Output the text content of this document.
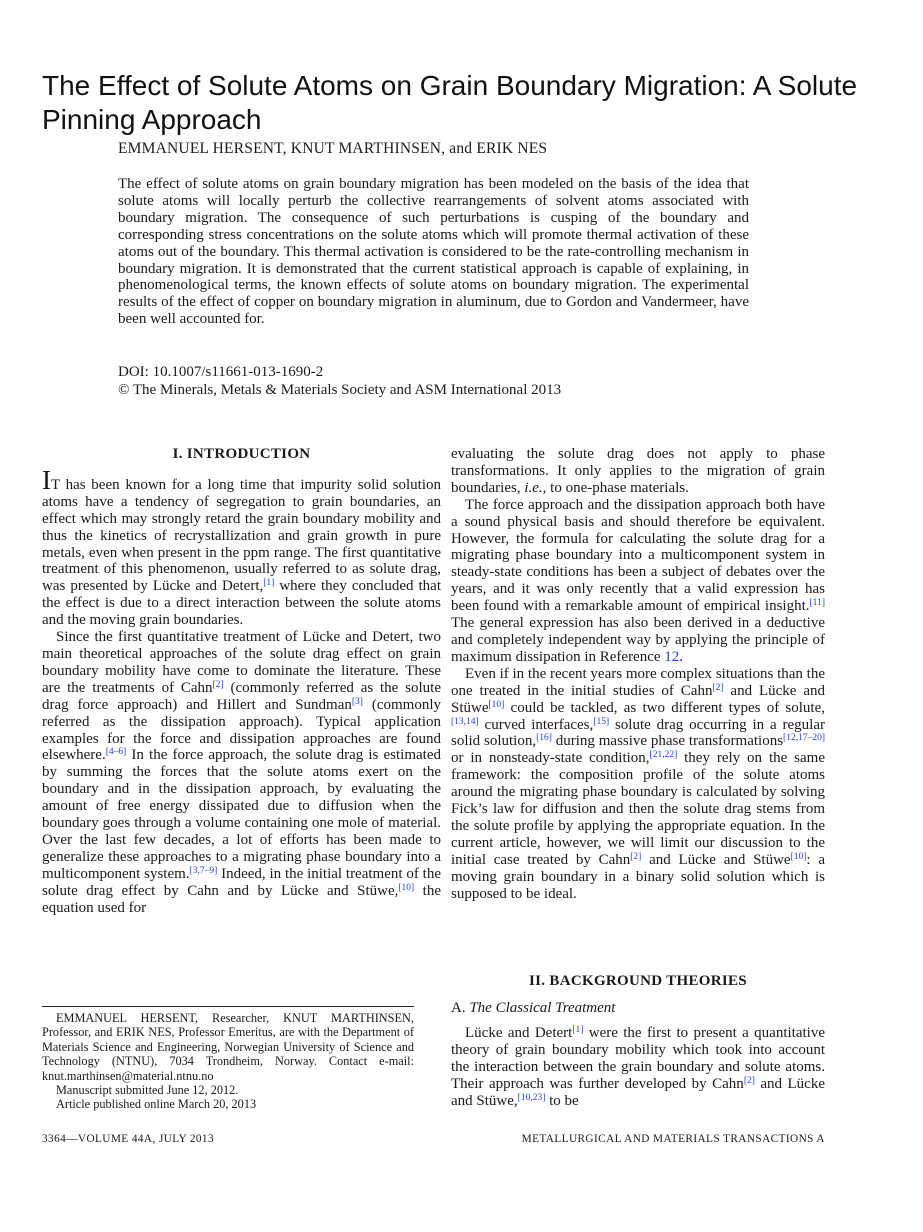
The Effect of Solute Atoms on Grain Boundary Migration: A Solute Pinning Approach
EMMANUEL HERSENT, KNUT MARTHINSEN, and ERIK NES
The effect of solute atoms on grain boundary migration has been modeled on the basis of the idea that solute atoms will locally perturb the collective rearrangements of solvent atoms associated with boundary migration. The consequence of such perturbations is cusping of the boundary and corresponding stress concentrations on the solute atoms which will promote thermal activation of these atoms out of the boundary. This thermal activation is considered to be the rate-controlling mechanism in boundary migration. It is demonstrated that the current statistical approach is capable of explaining, in phenomenological terms, the known effects of solute atoms on boundary migration. The experimental results of the effect of copper on boundary migration in aluminum, due to Gordon and Vandermeer, have been well accounted for.
DOI: 10.1007/s11661-013-1690-2
© The Minerals, Metals & Materials Society and ASM International 2013
I. INTRODUCTION

IT has been known for a long time that impurity solid solution atoms have a tendency of segregation to grain boundaries, an effect which may strongly retard the grain boundary mobility and thus the kinetics of recrystallization and grain growth in pure metals, even when present in the ppm range. The first quantitative treatment of this phenomenon, usually referred to as solute drag, was presented by Lücke and Detert,[1] where they concluded that the effect is due to a direct interaction between the solute atoms and the moving grain boundaries.

Since the first quantitative treatment of Lücke and Detert, two main theoretical approaches of the solute drag effect on grain boundary mobility have come to dominate the literature. These are the treatments of Cahn[2] (commonly referred as the solute drag force approach) and Hillert and Sundman[3] (commonly referred as the dissipation approach). Typical application examples for the force and dissipation approaches are found elsewhere.[4–6] In the force approach, the solute drag is estimated by summing the forces that the solute atoms exert on the boundary and in the dissipation approach, by evaluating the amount of free energy dissipated due to diffusion when the boundary goes through a volume containing one mole of material. Over the last few decades, a lot of efforts has been made to generalize these approaches to a migrating phase boundary into a multicomponent system.[3,7–9] Indeed, in the initial treatment of the solute drag effect by Cahn and by Lücke and Stüwe,[10] the equation used for

EMMANUEL HERSENT, Researcher, KNUT MARTHINSEN, Professor, and ERIK NES, Professor Emeritus, are with the Department of Materials Science and Engineering, Norwegian University of Science and Technology (NTNU), 7034 Trondheim, Norway. Contact e-mail: knut.marthinsen@material.ntnu.no

Manuscript submitted June 12, 2012.

Article published online March 20, 2013

evaluating the solute drag does not apply to phase transformations. It only applies to the migration of grain boundaries, i.e., to one-phase materials.

The force approach and the dissipation approach both have a sound physical basis and should therefore be equivalent. However, the formula for calculating the solute drag for a migrating phase boundary into a multicomponent system in steady-state conditions has been a subject of debates over the years, and it was only recently that a valid expression has been found with a remarkable amount of empirical insight.[11] The general expression has also been derived in a deductive and completely independent way by applying the principle of maximum dissipation in Reference 12.

Even if in the recent years more complex situations than the one treated in the initial studies of Cahn[2] and Lücke and Stüwe[10] could be tackled, as two different types of solute,[13,14] curved interfaces,[15] solute drag occurring in a regular solid solution,[16] during massive phase transformations[12,17–20] or in nonsteady-state condition,[21,22] they rely on the same framework: the composition profile of the solute atoms around the migrating phase boundary is calculated by solving Fick’s law for diffusion and then the solute drag stems from the solute profile by applying the appropriate equation. In the current article, however, we will limit our discussion to the initial case treated by Cahn[2] and Lücke and Stüwe[10]: a moving grain boundary in a binary solid solution which is supposed to be ideal.

II. BACKGROUND THEORIES
A. The Classical Treatment

Lücke and Detert[1] were the first to present a quantitative theory of grain boundary mobility which took into account the interaction between the grain boundary and solute atoms. Their approach was further developed by Cahn[2] and Lücke and Stüwe,[10,23] to be

3364—VOLUME 44A, JULY 2013	METALLURGICAL AND MATERIALS TRANSACTIONS A
